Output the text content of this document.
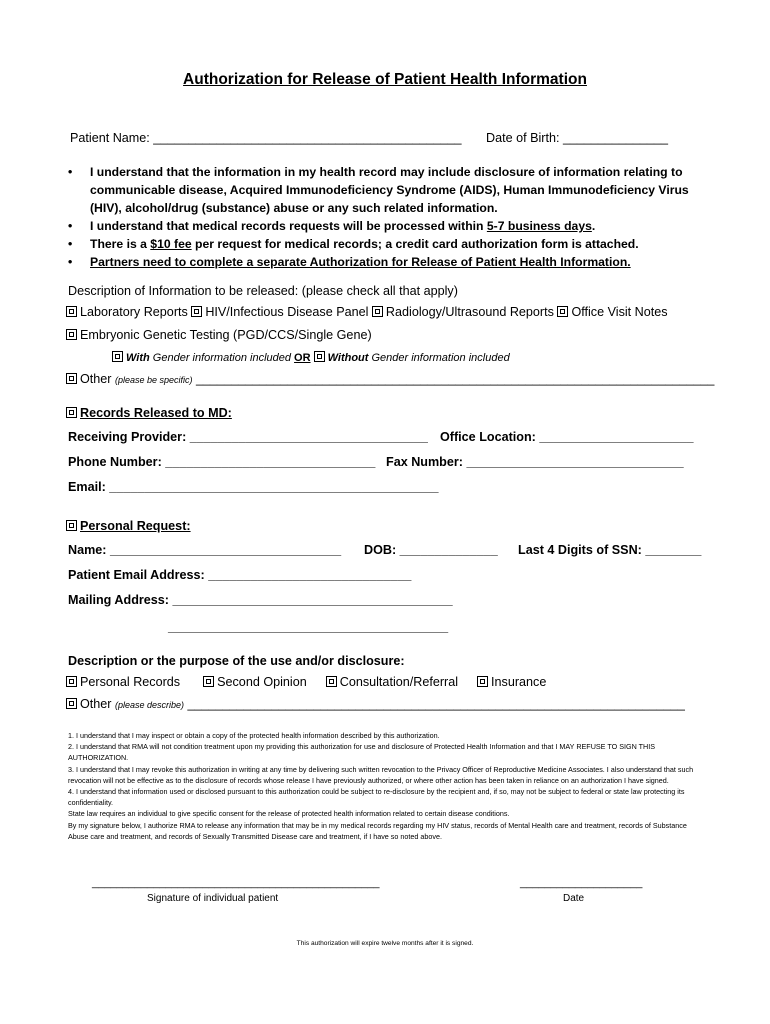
Authorization for Release of Patient Health Information
Patient Name: ____________________________________________ Date of Birth: _______________
• I understand that the information in my health record may include disclosure of information relating to communicable disease, Acquired Immunodeficiency Syndrome (AIDS), Human Immunodeficiency Virus (HIV), alcohol/drug (substance) abuse or any such related information.
• I understand that medical records requests will be processed within 5-7 business days.
• There is a $10 fee per request for medical records; a credit card authorization form is attached.
• Partners need to complete a separate Authorization for Release of Patient Health Information.
Description of Information to be released: (please check all that apply)
Laboratory Reports HIV/Infectious Disease Panel Radiology/Ultrasound Reports Office Visit Notes
Embryonic Genetic Testing (PGD/CCS/Single Gene)
With Gender information included OR Without Gender information included
Other (please be specific) __________________________________________________________________________
Records Released to MD:
Receiving Provider: __________________________________ Office Location: ______________________
Phone Number: ______________________________ Fax Number: _______________________________
Email: _______________________________________________
Personal Request:
Name: _________________________________ DOB: ______________ Last 4 Digits of SSN: ________
Patient Email Address: _____________________________
Mailing Address: ________________________________________
________________________________________
Description or the purpose of the use and/or disclosure:
Personal Records	Second Opinion	Consultation/Referral	Insurance
Other (please describe) _______________________________________________________________________
1. I understand that I may inspect or obtain a copy of the protected health information described by this authorization.
2. I understand that RMA will not condition treatment upon my providing this authorization for use and disclosure of Protected Health Information and that I MAY REFUSE TO SIGN THIS AUTHORIZATION.
3. I understand that I may revoke this authorization in writing at any time by delivering such written revocation to the Privacy Officer of Reproductive Medicine Associates. I also understand that such revocation will not be effective as to the disclosure of records whose release I have previously authorized, or where other action has been taken in reliance on an authorization I have signed.
4. I understand that information used or disclosed pursuant to this authorization could be subject to re-disclosure by the recipient and, if so, may not be subject to federal or state law protecting its confidentiality.
State law requires an individual to give specific consent for the release of protected health information related to certain disease conditions.
By my signature below, I authorize RMA to release any information that may be in my medical records regarding my HIV status, records of Mental Health care and treatment, records of Substance Abuse care and treatment, and records of Sexually Transmitted Disease care and treatment, if I have so noted above.
_______________________________________________
Signature of individual patient
____________________
Date
This authorization will expire twelve months after it is signed.
